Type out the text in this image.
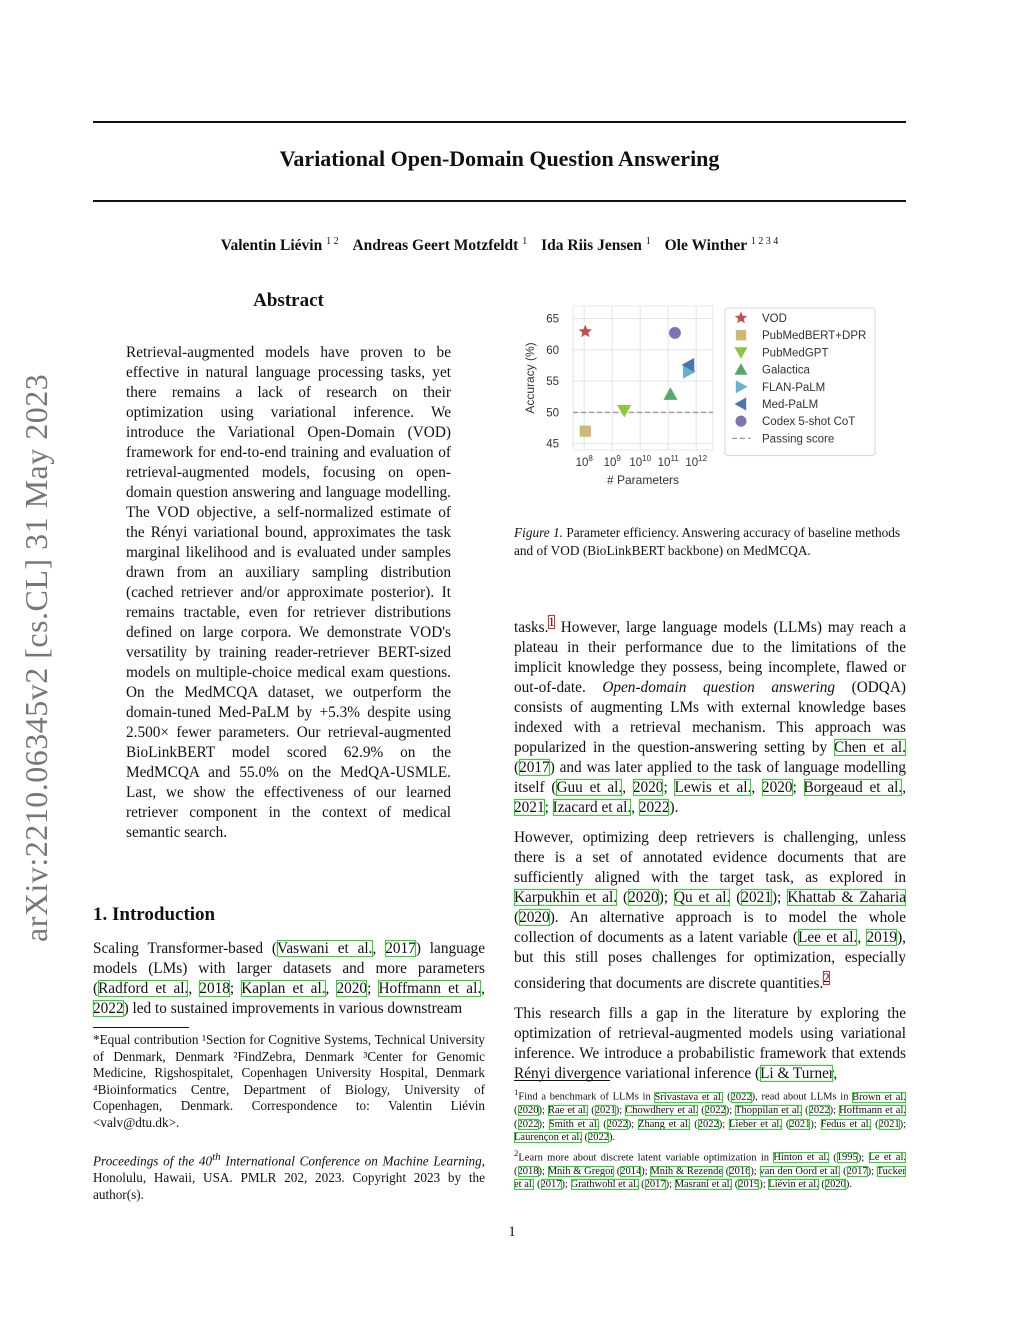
Variational Open-Domain Question Answering
Valentin Liévin $^{1 2}$ Andreas Geert Motzfeldt $^1$ Ida Riis Jensen $^1$ Ole Winther $^{1 2 3 4}$
arXiv:2210.06345v2 [cs.CL] 31 May 2023
Abstract
Retrieval-augmented models have proven to be effective in natural language processing tasks, yet there remains a lack of research on their optimization using variational inference. We introduce the Variational Open-Domain (VOD) framework for end-to-end training and evaluation of retrieval-augmented models, focusing on open-domain question answering and language modelling. The VOD objective, a self-normalized estimate of the Rényi variational bound, approximates the task marginal likelihood and is evaluated under samples drawn from an auxiliary sampling distribution (cached retriever and/or approximate posterior). It remains tractable, even for retriever distributions defined on large corpora. We demonstrate VOD's versatility by training reader-retriever BERT-sized models on multiple-choice medical exam questions. On the MedMCQA dataset, we outperform the domain-tuned Med-PaLM by +5.3% despite using 2.500× fewer parameters. Our retrieval-augmented BioLinkBERT model scored 62.9% on the MedMCQA and 55.0% on the MedQA-USMLE. Last, we show the effectiveness of our learned retriever component in the context of medical semantic search.
1. Introduction

Scaling Transformer-based (Vaswani et al., 2017) language models (LMs) with larger datasets and more parameters (Radford et al., 2018; Kaplan et al., 2020; Hoffmann et al., 2022) led to sustained improvements in various downstream

*Equal contribution ¹Section for Cognitive Systems, Technical University of Denmark, Denmark ²FindZebra, Denmark ³Center for Genomic Medicine, Rigshospitalet, Copenhagen University Hospital, Denmark ⁴Bioinformatics Centre, Department of Biology, University of Copenhagen, Denmark. Correspondence to: Valentin Liévin <valv@dtu.dk>.
Proceedings of the 40th International Conference on Machine Learning, Honolulu, Hawaii, USA. PMLR 202, 2023. Copyright 2023 by the author(s).
45
50
55
60
65
$10^8$ $10^9$ $10^{10}$ $10^{11}$ $10^{12}$
# Parameters
Accuracy (%)
VOD
PubMedBERT+DPR
PubMedGPT
Galactica
FLAN-PaLM
Med-PaLM
Codex 5-shot CoT
Passing score
Figure 1. Parameter efficiency. Answering accuracy of baseline methods and of VOD (BioLinkBERT backbone) on MedMCQA.

tasks.$^1$ However, large language models (LLMs) may reach a plateau in their performance due to the limitations of the implicit knowledge they possess, being incomplete, flawed or out-of-date. Open-domain question answering (ODQA) consists of augmenting LMs with external knowledge bases indexed with a retrieval mechanism. This approach was popularized in the question-answering setting by Chen et al. (2017) and was later applied to the task of language modelling itself (Guu et al., 2020; Lewis et al., 2020; Borgeaud et al., 2021; Izacard et al., 2022).

However, optimizing deep retrievers is challenging, unless there is a set of annotated evidence documents that are sufficiently aligned with the target task, as explored in Karpukhin et al. (2020); Qu et al. (2021); Khattab & Zaharia (2020). An alternative approach is to model the whole collection of documents as a latent variable (Lee et al., 2019), but this still poses challenges for optimization, especially considering that documents are discrete quantities.$^2$

This research fills a gap in the literature by exploring the optimization of retrieval-augmented models using variational inference. We introduce a probabilistic framework that extends Rényi divergence variational inference (Li & Turner,

$^1$Find a benchmark of LLMs in Srivastava et al. (2022), read about LLMs in Brown et al. (2020); Rae et al. (2021); Chowdhery et al. (2022); Thoppilan et al. (2022); Hoffmann et al. (2022); Smith et al. (2022); Zhang et al. (2022); Lieber et al. (2021); Fedus et al. (2021); Laurençon et al. (2022).

$^2$Learn more about discrete latent variable optimization in Hinton et al. (1995); Le et al. (2018); Mnih & Gregor (2014); Mnih & Rezende (2016); van den Oord et al. (2017); Tucker et al. (2017); Grathwohl et al. (2017); Masrani et al. (2019); Liévin et al. (2020).

1
